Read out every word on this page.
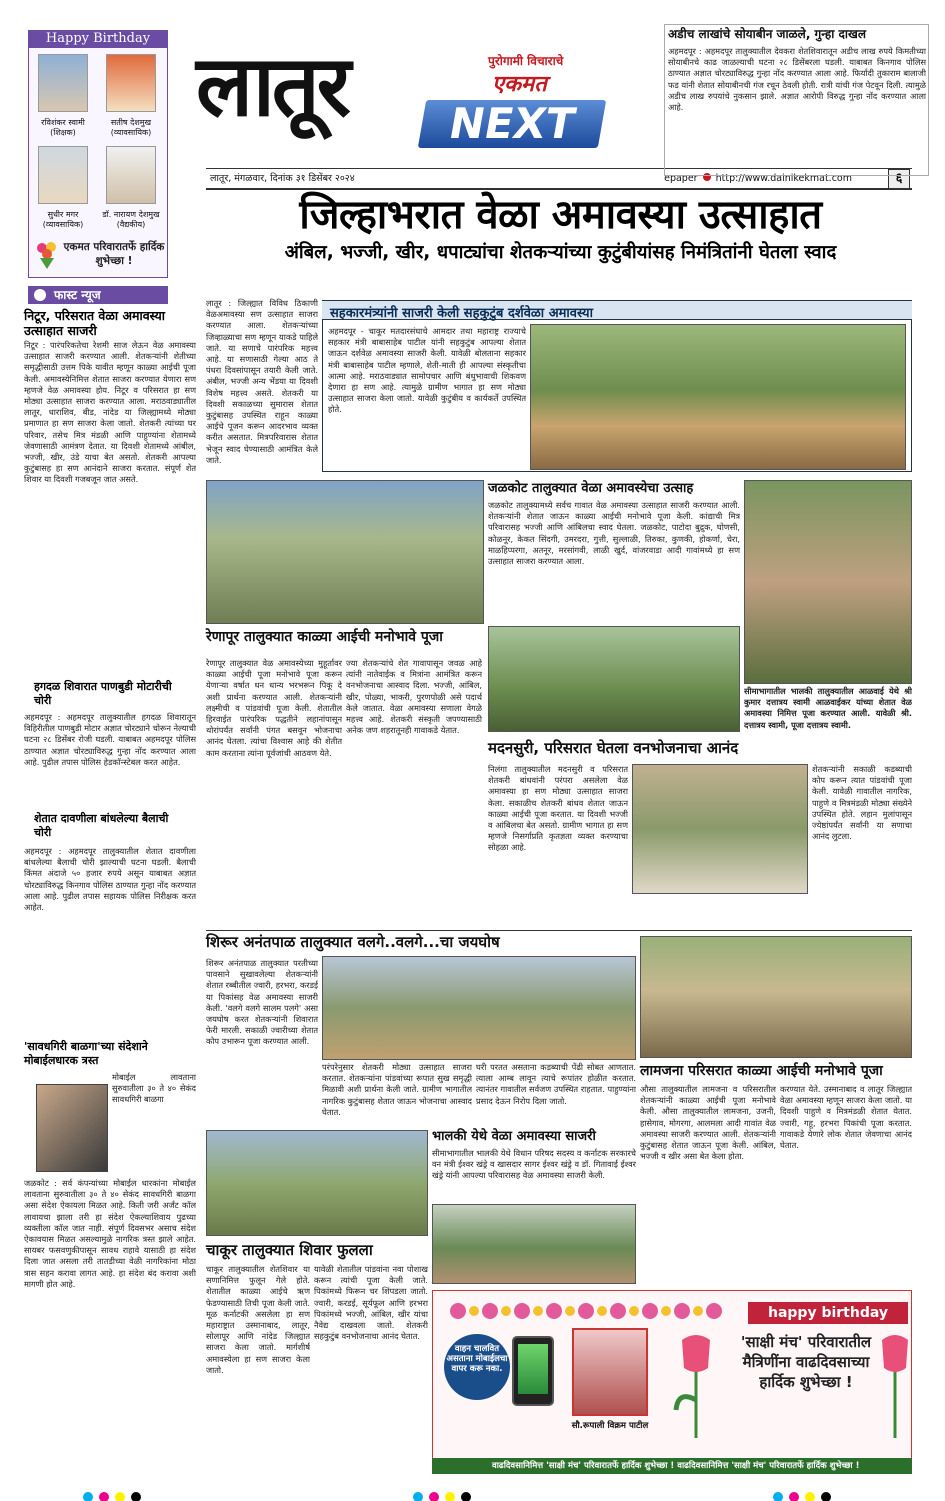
Happy Birthday
रविशंकर स्वामी
(शिक्षक)
सतीष देशमुख
(व्यावसायिक)
सुधीर मगर
(व्यावसायिक)
डॉ. नारायण देशमुख
(वैद्यकीय)
एकमत परिवारातर्फे हार्दिक शुभेच्छा !
फास्ट न्यूज
निटूर, परिसरात वेळा अमावस्या उत्साहात साजरी
निटूर : पारंपरिकतेचा रेशमी साज लेऊन वेळ अमावस्या उत्साहात साजरी करण्यात आली. शेतकऱ्यांनी शेतीच्या समृद्धीसाठी उत्तम पिके यावीत म्हणून काळ्या आईची पूजा केली. अमावस्येनिमित्त शेतात साजरा करण्यात येणारा सण म्हणजे वेळ अमावस्या होय. निटूर व परिसरात हा सण मोठ्या उत्साहात साजरा करण्यात आला. मराठवाड्यातील लातूर, धाराशिव, बीड, नांदेड या जिल्ह्यामध्ये मोठ्या प्रमाणात हा सण साजरा केला जातो. शेतकरी त्यांच्या घर परिवार, तसेच मित्र मंडळी आणि पाहुण्यांना शेतामध्ये जेवणासाठी आमंत्रण देतात. या दिवशी शेतामध्ये आंबील, भज्जी, खीर, उंडे याचा बेत असतो. शेतकरी आपल्या कुटुंबासह हा सण आनंदाने साजरा करतात. संपूर्ण शेत शिवार या दिवशी गजबजून जात असते.
हगदळ शिवारात पाणबुडी मोटारीची चोरी
अहमदपूर : अहमदपूर तालुक्यातील हगदळ शिवारातून विहिरीतील पाणबुडी मोटार अज्ञात चोरट्याने चोरून नेल्याची घटना २८ डिसेंबर रोजी घडली. याबाबत अहमदपूर पोलिस ठाण्यात अज्ञात चोरट्याविरुद्ध गुन्हा नोंद करण्यात आला आहे. पुढील तपास पोलिस हेडकॉन्स्टेबल करत आहेत.
शेतात दावणीला बांधलेल्या बैलाची चोरी
अहमदपूर : अहमदपूर तालुक्यातील शेतात दावणीला बांधलेल्या बैलाची चोरी झाल्याची घटना घडली. बैलाची किंमत अंदाजे ५० हजार रुपये असून याबाबत अज्ञात चोरट्याविरुद्ध किनगाव पोलिस ठाण्यात गुन्हा नोंद करण्यात आला आहे. पुढील तपास सहायक पोलिस निरीक्षक करत आहेत.
'सावधगिरी बाळगा'च्या संदेशाने मोबाईलधारक त्रस्त
मोबाईल लावताना सुरुवातीला ३० ते ४० सेकंद सावधगिरी बाळगा
जळकोट : सर्व कंपन्यांच्या मोबाईल धारकांना मोबाईल लावताना सुरुवातीला ३० ते ४० सेकंद सावधगिरी बाळगा असा संदेश ऐकायला मिळत आहे. किती जरी अर्जंट कॉल लावायचा झाला तरी हा संदेश ऐकल्याशिवाय पुढच्या व्यक्तीला कॉल जात नाही. संपूर्ण दिवसभर असाच संदेश ऐकावयास मिळत असल्यामुळे नागरिक त्रस्त झाले आहेत. सायबर फसवणुकीपासून सावध राहावे यासाठी हा संदेश दिला जात असला तरी तातडीच्या वेळी नागरिकांना मोठा त्रास सहन करावा लागत आहे. हा संदेश बंद करावा अशी मागणी होत आहे.
लातूर	NEXT
पुरोगामी विचाराचे
एकमत
लातूर, मंगळवार, दिनांक ३१ डिसेंबर २०२४	epaper http://www.dainikekmat.com	६
अडीच लाखांचे सोयाबीन जाळले, गुन्हा दाखल
अहमदपूर : अहमदपूर तालुक्यातील देवकरा शेतशिवारातून अडीच लाख रुपये किमतीच्या सोयाबीनचे काढ जाळल्याची घटना २८ डिसेंबरला घडली. याबाबत किनगाव पोलिस ठाण्यात अज्ञात चोरट्याविरुद्ध गुन्हा नोंद करण्यात आला आहे. फिर्यादी तुकाराम बालाजी फड यांनी शेतात सोयाबीनची गंज रचून ठेवली होती. रात्री यांची गंज पेटवून दिली. त्यामुळे अडीच लाख रुपयांचे नुकसान झाले. अज्ञात आरोपी विरुद्ध गुन्हा नोंद करण्यात आला आहे.
जिल्हाभरात वेळा अमावस्या उत्साहात
अंबिल, भज्जी, खीर, धपाट्यांचा शेतकऱ्यांच्या कुटुंबीयांसह निमंत्रितांनी घेतला स्वाद
लातूर : जिल्ह्यात विविध ठिकाणी वेळअमावस्या सण उत्साहात साजरा करण्यात आला. शेतकऱ्यांच्या जिव्हाळ्याचा सण म्हणून याकडे पाहिले जाते. या सणाचे पारंपरिक महत्त्व आहे. या सणासाठी गेल्या आठ ते पंधरा दिवसांपासून तयारी केली जाते. अंबील, भज्जी अन्य भेंडया या दिवशी विशेष महत्त्व असते. शेतकरी या दिवशी सकाळच्या सुमारास शेतात कुटुंबासह उपस्थित राहून काळ्या आईचे पूजन करून आदरभाव व्यक्त करीत असतात. मित्रपरिवारास शेतात भेजून स्वाद घेण्यासाठी आमंत्रित केले जाते.
सहकारमंत्र्यांनी साजरी केली सहकुटुंब दर्शवेळा अमावस्या
अहमदपूर - चाकूर मतदारसंघाचे आमदार तथा महाराष्ट्र राज्याचे सहकार मंत्री बाबासाहेब पाटील यांनी सहकुटुंब आपल्या शेतात जाऊन दर्शवेळ अमावस्या साजरी केली. यावेळी बोलताना सहकार मंत्री बाबासाहेब पाटील म्हणाले, शेती-माती ही आपल्या संस्कृतीचा आत्मा आहे. मराठवाड्यात सामोपचार आणि बंधुभावाची शिकवण देणारा हा सण आहे. त्यामुळे ग्रामीण भागात हा सण मोठ्या उत्साहात साजरा केला जातो. यावेळी कुटुंबीय व कार्यकर्ते उपस्थित होते.
रेणापूर तालुक्यात काळ्या आईची मनोभावे पूजा
रेणापूर तालुक्यात वेळ अमावस्येच्या मुहूर्तावर काळ्या आईची पूजा मनोभावे पूजा करून येणाऱ्या वर्षात धन धान्य भरभरून पिकू दे अशी प्रार्थना करण्यात आली. शेतकऱ्यांनी लक्ष्मीची व पांडवांची पूजा केली. शेतातील हिरवाईत पारंपरिक पद्धतीने लहानांपासून थोरांपर्यंत सर्वांनी पंगत बसवून भोजनाचा आनंद घेतला. त्यांचा विश्वास आहे की शेतीत काम करताना त्यांना पूर्वजांची आठवण येते.
ज्या शेतकऱ्यांचे शेत गावापासून जवळ आहे त्यांनी नातेवाईक व मित्रांना आमंत्रित करून वनभोजनाचा आस्वाद दिला. भज्जी, आंबिल, खीर, पोळ्या, भाकरी, पुरणपोळी असे पदार्थ केले जातात. वेळा अमावस्या सणाला वेगळे महत्त्व आहे. शेतकरी संस्कृती जपण्यासाठी अनेक जण शहरातूनही गावाकडे येतात.
जळकोट तालुक्यात वेळा अमावस्येचा उत्साह
जळकोट तालुक्यामध्ये सर्वच गावात वेळ अमावस्या उत्साहात साजरी करण्यात आली. शेतकऱ्यांनी शेतात जाऊन काळ्या आईची मनोभावे पूजा केली. कांद्याची मित्र परिवारासह भज्जी आणि आंबिलचा स्वाद घेतला. जळकोट, पाटोदा बुद्रुक, घोणसी, कोळनूर, केकत सिंदगी, उमरदरा, गुत्ती, सुल्लाळी, तिरुका, कुणकी, होकर्णा, चेरा, माळहिप्परगा, अतनूर, मरसांगवी, लाळी खुर्द, वांजरवाडा आदी गावांमध्ये हा सण उत्साहात साजरा करण्यात आला.
सीमाभागातील भालकी तालुक्यातील आळवाई येथे श्री कुमार दत्तात्रय स्वामी आळवाईकर यांच्या शेतात वेळ अमावस्या निमित्त पूजा करण्यात आली. यावेळी श्री. दत्तात्रय स्वामी, पूजा दत्तात्रय स्वामी.
मदनसुरी, परिसरात घेतला वनभोजनाचा आनंद
निलंगा तालुक्यातील मदनसुरी व परिसरात शेतकरी बांधवांनी परंपरा असलेला वेळ अमावस्या हा सण मोठ्या उत्साहात साजरा केला. सकाळीच शेतकरी बांधव शेतात जाऊन काळ्या आईची पूजा करतात. या दिवशी भज्जी व आंबिलचा बेत असतो. ग्रामीण भागात हा सण म्हणजे निसर्गाप्रति कृतज्ञता व्यक्त करण्याचा सोहळा आहे.
शेतकऱ्यांनी सकाळी कडब्याची कोप करून त्यात पांडवांची पूजा केली. यावेळी गावातील नागरिक, पाहुणे व मित्रमंडळी मोठ्या संख्येने उपस्थित होते. लहान मुलांपासून ज्येष्ठांपर्यंत सर्वांनी या सणाचा आनंद लुटला.
शिरूर अनंतपाळ तालुक्यात वलगे..वलगे...चा जयघोष
शिरूर अनंतपाळ तालुक्यात परतीच्या पावसाने सुखावलेल्या शेतकऱ्यांनी शेतात रब्बीतील ज्वारी, हरभरा, करडई या पिकांसह वेळ अमावस्या साजरी केली. 'वलगे वलगे सालम पलगे' असा जयघोष करत शेतकऱ्यांनी शिवारात फेरी मारली. सकाळी ज्वारीच्या शेतात कोप उभारून पूजा करण्यात आली.
परंपरेनुसार शेतकरी मोठ्या उत्साहात साजरा करतात. शेतकऱ्यांना पांडवांच्या रूपात सुख समृद्धी मिळावी अशी प्रार्थना केली जाते. ग्रामीण भागातील नागरिक कुटुंबासह शेतात जाऊन भोजनाचा आस्वाद घेतात.
घरी परतत असताना कडब्याची पेंढी सोबत आणतात. त्याला आम्ब लावून त्याचे रूपांतर होळीत करतात. त्यानंतर गावातील सर्वजण उपस्थित राहतात. पाहुण्यांना प्रसाद देऊन निरोप दिला जातो.
लामजना परिसरात काळ्या आईची मनोभावे पूजा
औसा तालुक्यातील लामजना व परिसरातील शेतकऱ्यांनी काळ्या आईची पूजा मनोभावे केली. औसा तालुक्यातील लामजना, उजनी, हासेगाव, मोगरगा, आलमला आदी गावांत वेळ अमावस्या साजरी करण्यात आली. शेतकऱ्यांनी कुटुंबासह शेतात जाऊन पूजा केली. आंबिल, भज्जी व खीर असा बेत केला होता.
करण्यात येते. उस्मानाबाद व लातूर जिल्ह्यात वेळा अमावस्या म्हणून साजरा केला जातो. या दिवशी पाहुणे व मित्रमंडळी शेतात येतात. ज्वारी, गहू, हरभरा पिकांची पूजा करतात. गावाकडे येणारे लोक शेतात जेवणाचा आनंद घेतात.
भालकी येथे वेळा अमावस्या साजरी
सीमाभागातील भालकी येथे विधान परिषद सदस्य व कर्नाटक सरकारचे वन मंत्री ईश्वर खंड्रे व खासदार सागर ईश्वर खंड्रे व डॉ. गितावाई ईश्वर खंड्रे यांनी आपल्या परिवारासह वेळ अमावस्या साजरी केली.
चाकूर तालुक्यात शिवार फुलला
चाकूर तालुक्यातील शेतशिवार या सणानिमित्त फुलून गेले होते. शेतातील काळ्या आईचे ऋण फेडण्यासाठी तिची पूजा केली जाते. मूळ कर्नाटकी असलेला हा सण महाराष्ट्रात उस्मानाबाद, लातूर, सोलापूर आणि नांदेड जिल्ह्यात साजरा केला जातो. मार्गशीर्ष अमावस्येला हा सण साजरा केला जातो.
यावेळी शेतातील पांडवांना नवा पोशाख करून त्यांची पूजा केली जाते. पिकांमध्ये फिरून चर शिंपडला जातो. ज्वारी, करडई, सूर्यफूल आणि हरभरा पिकांमध्ये भज्जी, आंबिल, खीर यांचा नैवेद्य दाखवला जातो. शेतकरी सहकुटुंब वनभोजनाचा आनंद घेतात.
happy birthday
वाहन चालवित असताना मोबाईलचा वापर करू नका.
सौ.रूपाली विक्रम पाटील
'साक्षी मंच' परिवारातील मैत्रिणींना वाढदिवसाच्या हार्दिक शुभेच्छा !
वाढदिवसानिमित्त 'साक्षी मंच' परिवारातर्फे हार्दिक शुभेच्छा ! वाढदिवसानिमित्त 'साक्षी मंच' परिवारातर्फे हार्दिक शुभेच्छा !
